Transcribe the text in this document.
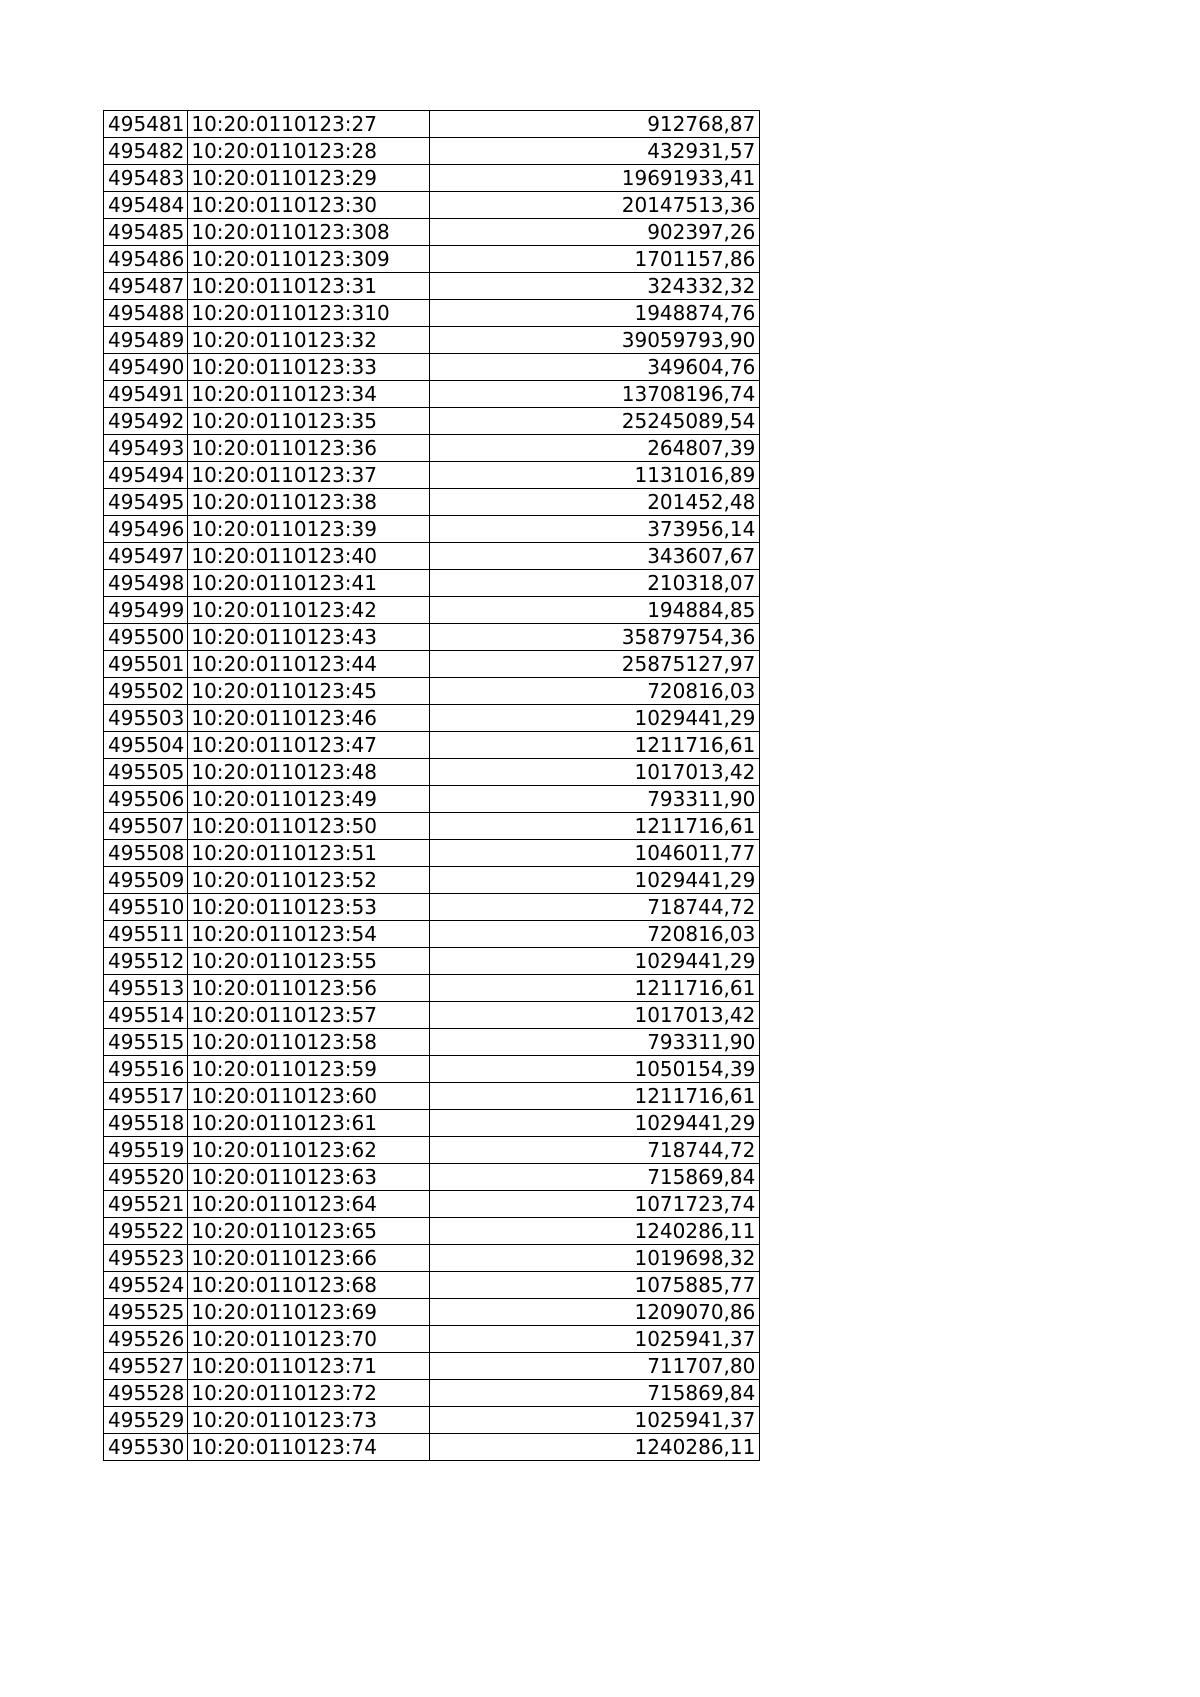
495481	10:20:0110123:27	912768,87
495482	10:20:0110123:28	432931,57
495483	10:20:0110123:29	19691933,41
495484	10:20:0110123:30	20147513,36
495485	10:20:0110123:308	902397,26
495486	10:20:0110123:309	1701157,86
495487	10:20:0110123:31	324332,32
495488	10:20:0110123:310	1948874,76
495489	10:20:0110123:32	39059793,90
495490	10:20:0110123:33	349604,76
495491	10:20:0110123:34	13708196,74
495492	10:20:0110123:35	25245089,54
495493	10:20:0110123:36	264807,39
495494	10:20:0110123:37	1131016,89
495495	10:20:0110123:38	201452,48
495496	10:20:0110123:39	373956,14
495497	10:20:0110123:40	343607,67
495498	10:20:0110123:41	210318,07
495499	10:20:0110123:42	194884,85
495500	10:20:0110123:43	35879754,36
495501	10:20:0110123:44	25875127,97
495502	10:20:0110123:45	720816,03
495503	10:20:0110123:46	1029441,29
495504	10:20:0110123:47	1211716,61
495505	10:20:0110123:48	1017013,42
495506	10:20:0110123:49	793311,90
495507	10:20:0110123:50	1211716,61
495508	10:20:0110123:51	1046011,77
495509	10:20:0110123:52	1029441,29
495510	10:20:0110123:53	718744,72
495511	10:20:0110123:54	720816,03
495512	10:20:0110123:55	1029441,29
495513	10:20:0110123:56	1211716,61
495514	10:20:0110123:57	1017013,42
495515	10:20:0110123:58	793311,90
495516	10:20:0110123:59	1050154,39
495517	10:20:0110123:60	1211716,61
495518	10:20:0110123:61	1029441,29
495519	10:20:0110123:62	718744,72
495520	10:20:0110123:63	715869,84
495521	10:20:0110123:64	1071723,74
495522	10:20:0110123:65	1240286,11
495523	10:20:0110123:66	1019698,32
495524	10:20:0110123:68	1075885,77
495525	10:20:0110123:69	1209070,86
495526	10:20:0110123:70	1025941,37
495527	10:20:0110123:71	711707,80
495528	10:20:0110123:72	715869,84
495529	10:20:0110123:73	1025941,37
495530	10:20:0110123:74	1240286,11
